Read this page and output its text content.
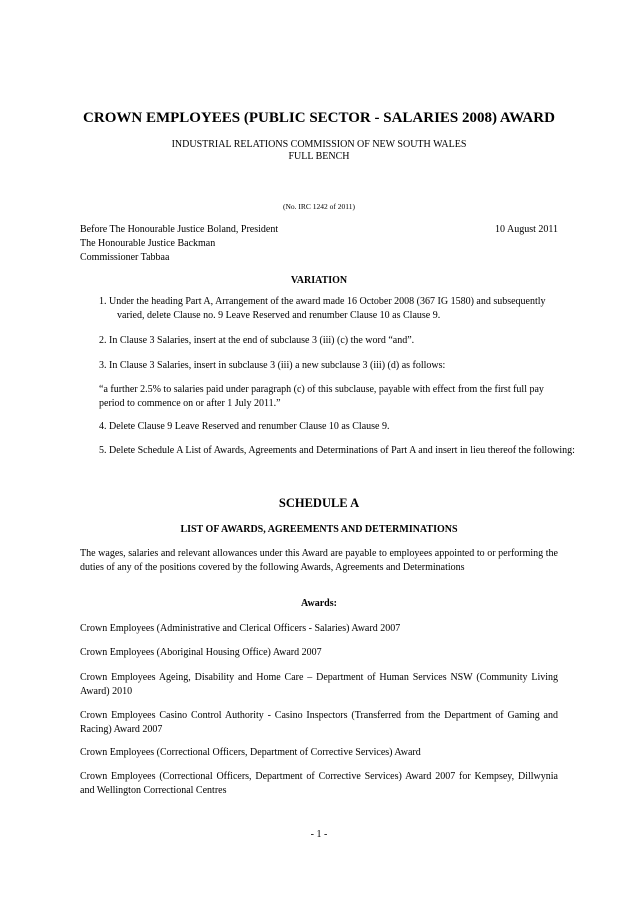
CROWN EMPLOYEES (PUBLIC SECTOR - SALARIES 2008) AWARD

INDUSTRIAL RELATIONS COMMISSION OF NEW SOUTH WALES

FULL BENCH

(No. IRC 1242 of 2011)

Before The Honourable Justice Boland, President	10 August 2011

The Honourable Justice Backman

Commissioner Tabbaa

VARIATION

1. Under the heading Part A, Arrangement of the award made 16 October 2008 (367 IG 1580) and subsequently varied, delete Clause no. 9 Leave Reserved and renumber Clause 10 as Clause 9.

2. In Clause 3 Salaries, insert at the end of subclause 3 (iii) (c) the word “and”.

3. In Clause 3 Salaries, insert in subclause 3 (iii) a new subclause 3 (iii) (d) as follows:

“a further 2.5% to salaries paid under paragraph (c) of this subclause, payable with effect from the first full pay period to commence on or after 1 July 2011.”

4. Delete Clause 9 Leave Reserved and renumber Clause 10 as Clause 9.

5. Delete Schedule A List of Awards, Agreements and Determinations of Part A and insert in lieu thereof the following:

SCHEDULE A

LIST OF AWARDS, AGREEMENTS AND DETERMINATIONS

The wages, salaries and relevant allowances under this Award are payable to employees appointed to or performing the duties of any of the positions covered by the following Awards, Agreements and Determinations

Awards:

Crown Employees (Administrative and Clerical Officers - Salaries) Award 2007

Crown Employees (Aboriginal Housing Office) Award 2007

Crown Employees Ageing, Disability and Home Care – Department of Human Services NSW (Community Living Award) 2010

Crown Employees Casino Control Authority - Casino Inspectors (Transferred from the Department of Gaming and Racing) Award 2007

Crown Employees (Correctional Officers, Department of Corrective Services) Award

Crown Employees (Correctional Officers, Department of Corrective Services) Award 2007 for Kempsey, Dillwynia and Wellington Correctional Centres

- 1 -
